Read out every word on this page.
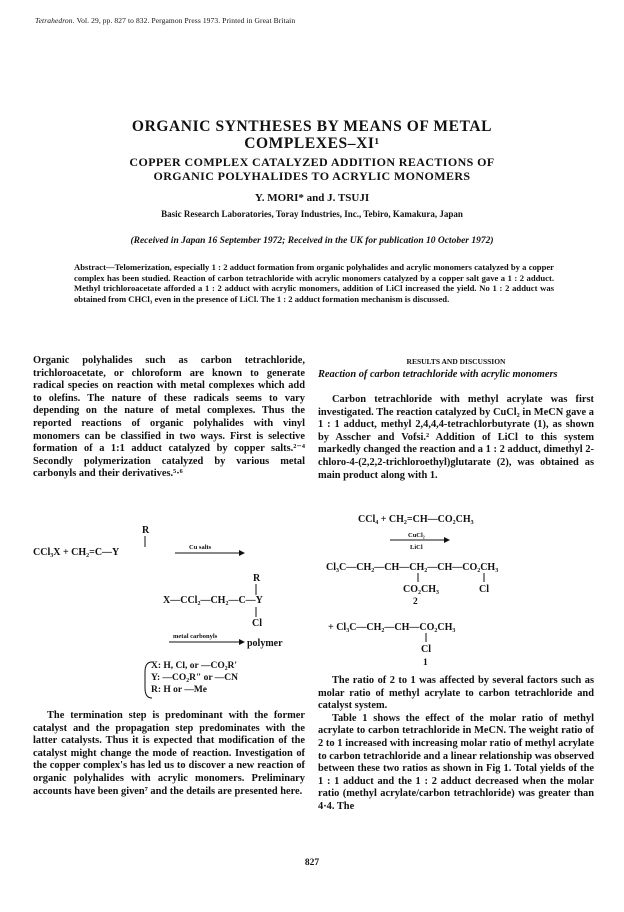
Tetrahedron. Vol. 29, pp. 827 to 832. Pergamon Press 1973. Printed in Great Britain
ORGANIC SYNTHESES BY MEANS OF METAL
COMPLEXES–XI¹
COPPER COMPLEX CATALYZED ADDITION REACTIONS OF
ORGANIC POLYHALIDES TO ACRYLIC MONOMERS
Y. MORI* and J. TSUJI
Basic Research Laboratories, Toray Industries, Inc., Tebiro, Kamakura, Japan
(Received in Japan 16 September 1972; Received in the UK for publication 10 October 1972)
Abstract—Telomerization, especially 1 : 2 adduct formation from organic polyhalides and acrylic monomers catalyzed by a copper complex has been studied. Reaction of carbon tetrachloride with acrylic monomers catalyzed by a copper salt gave a 1 : 2 adduct. Methyl trichloroacetate afforded a 1 : 2 adduct with acrylic monomers, addition of LiCl increased the yield. No 1 : 2 adduct was obtained from CHCl₃ even in the presence of LiCl. The 1 : 2 adduct formation mechanism is discussed.

Organic polyhalides such as carbon tetrachloride, trichloroacetate, or chloroform are known to generate radical species on reaction with metal complexes which add to olefins. The nature of these radicals seems to vary depending on the nature of metal complexes. Thus the reported reactions of organic polyhalides with vinyl monomers can be classified in two ways. First is selective formation of a 1:1 adduct catalyzed by copper salts.²⁻⁴ Secondly polymerization catalyzed by various metal carbonyls and their derivatives.⁵·⁶

R
CCl₃X + CH₂=C—Y	Cu salts
R
X—CCl₂—CH₂—C—Y
Cl
metal carbonyls
polymer
X: H, Cl, or —CO₂R'
Y: —CO₂R" or —CN
R: H or —Me

The termination step is predominant with the former catalyst and the propagation step predominates with the latter catalysts. Thus it is expected that modification of the catalyst might change the mode of reaction. Investigation of the copper complex's has led us to discover a new reaction of organic polyhalides with acrylic monomers. Preliminary accounts have been given⁷ and the details are presented here.

RESULTS AND DISCUSSION
Reaction of carbon tetrachloride with acrylic monomers

Carbon tetrachloride with methyl acrylate was first investigated. The reaction catalyzed by CuCl₂ in MeCN gave a 1 : 1 adduct, methyl 2,4,4,4-tetrachlorbutyrate (1), as shown by Asscher and Vofsi.² Addition of LiCl to this system markedly changed the reaction and a 1 : 2 adduct, dimethyl 2-chloro-4-(2,2,2-trichloroethyl)glutarate (2), was obtained as main product along with 1.

CCl₄ + CH₂=CH—CO₂CH₃
CuCl₂
LiCl
Cl₃C—CH₂—CH—CH₂—CH—CO₂CH₃
CO₂CH₃	Cl
2
+ Cl₃C—CH₂—CH—CO₂CH₃
Cl
1

The ratio of 2 to 1 was affected by several factors such as molar ratio of methyl acrylate to carbon tetrachloride and catalyst system.

Table 1 shows the effect of the molar ratio of methyl acrylate to carbon tetrachloride in MeCN. The weight ratio of 2 to 1 increased with increasing molar ratio of methyl acrylate to carbon tetrachloride and a linear relationship was observed between these two ratios as shown in Fig 1. Total yields of the 1 : 1 adduct and the 1 : 2 adduct decreased when the molar ratio (methyl acrylate/carbon tetrachloride) was greater than 4·4. The

827
